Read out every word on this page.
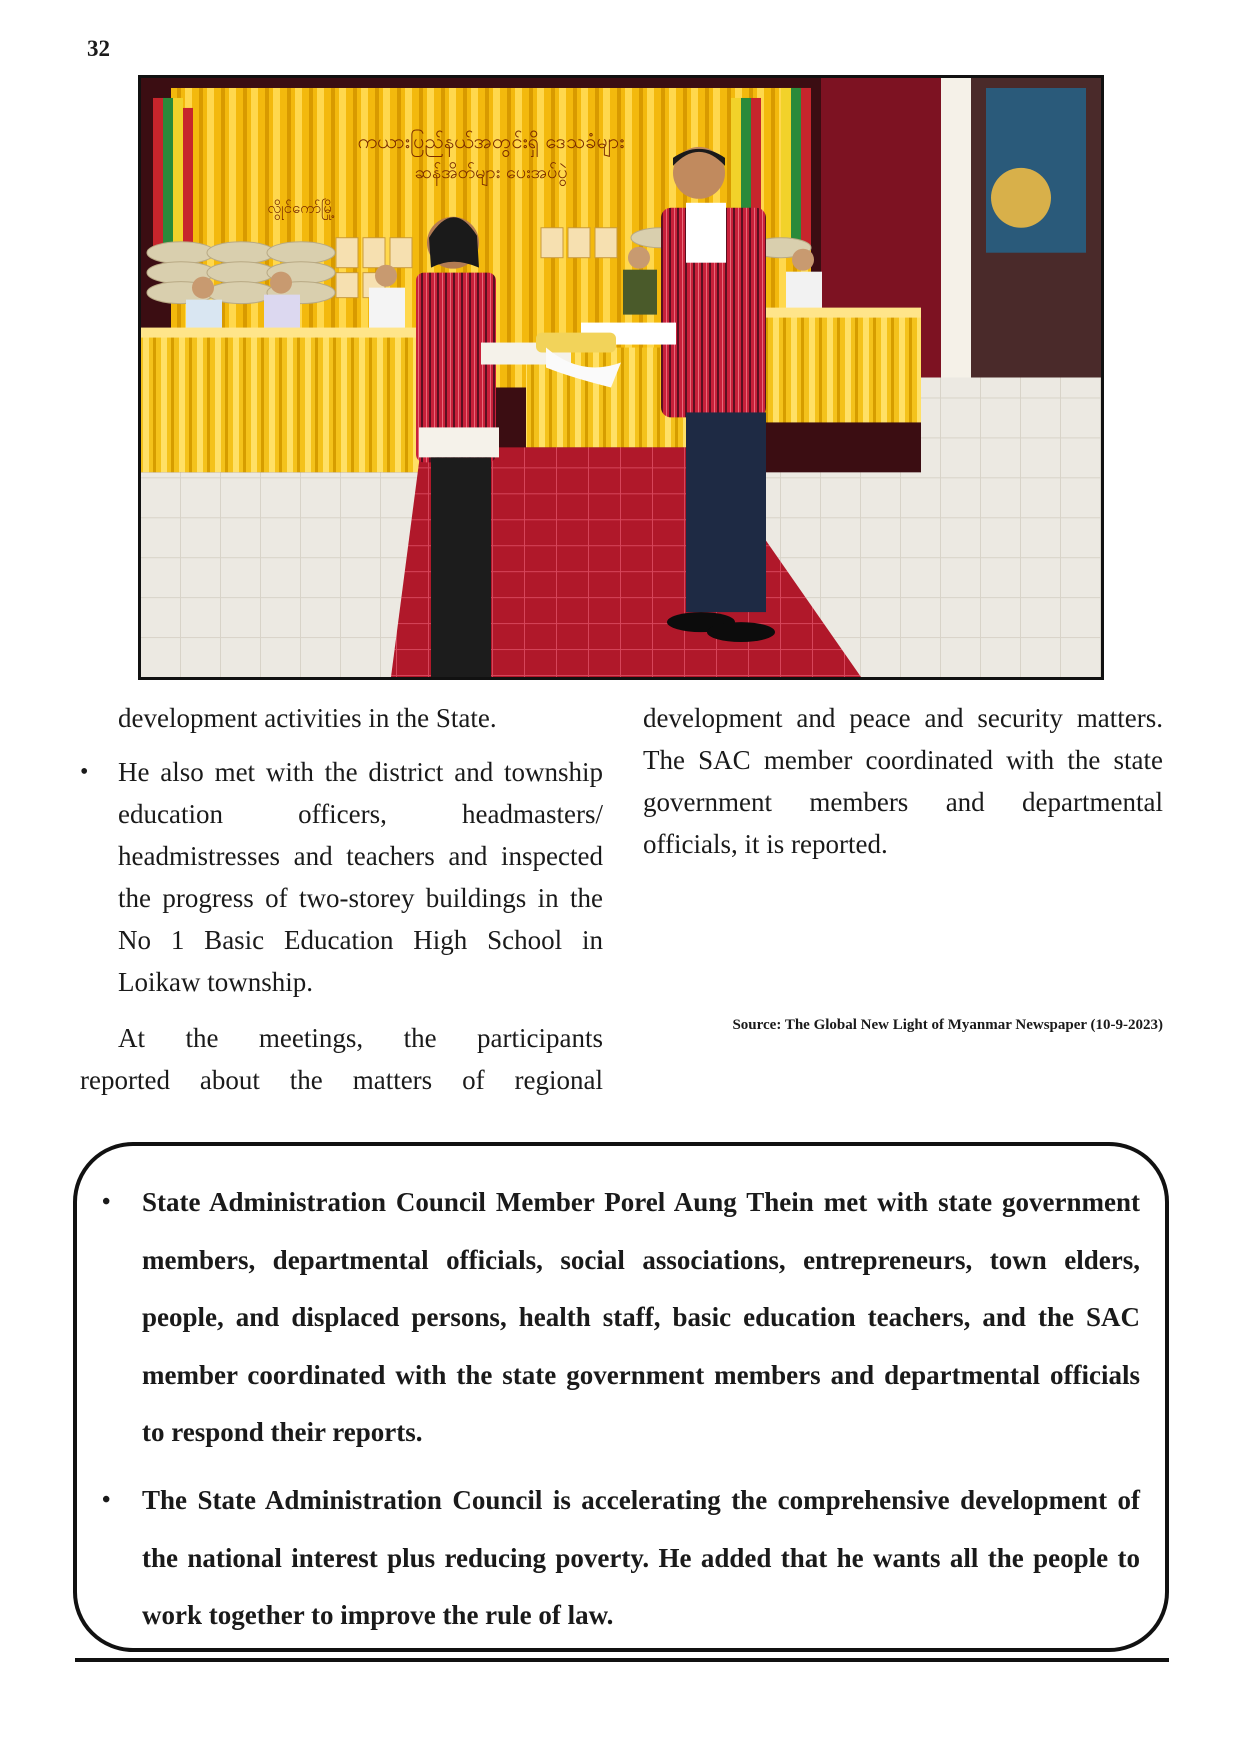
32
ကယားပြည်နယ်အတွင်းရှိ ဒေသခံများ
ဆန်အိတ်များ ပေးအပ်ပွဲ
လွိုင်ကော်မြို့

development activities in the State.

• He also met with the district and township education officers, headmasters/ headmistresses and teachers and inspected the progress of two-storey buildings in the No 1 Basic Education High School in Loikaw township.

At the meetings, the participants

reported about the matters of regional

development and peace and security matters. The SAC member coordinated with the state government members and departmental officials, it is reported.

Source: The Global New Light of Myanmar Newspaper (10-9-2023)
• State Administration Council Member Porel Aung Thein met with state government members, departmental officials, social associations, entrepreneurs, town elders, people, and displaced persons, health staff, basic education teachers, and the SAC member coordinated with the state government members and departmental officials to respond their reports.
• The State Administration Council is accelerating the comprehensive development of the national interest plus reducing poverty. He added that he wants all the people to work together to improve the rule of law.
